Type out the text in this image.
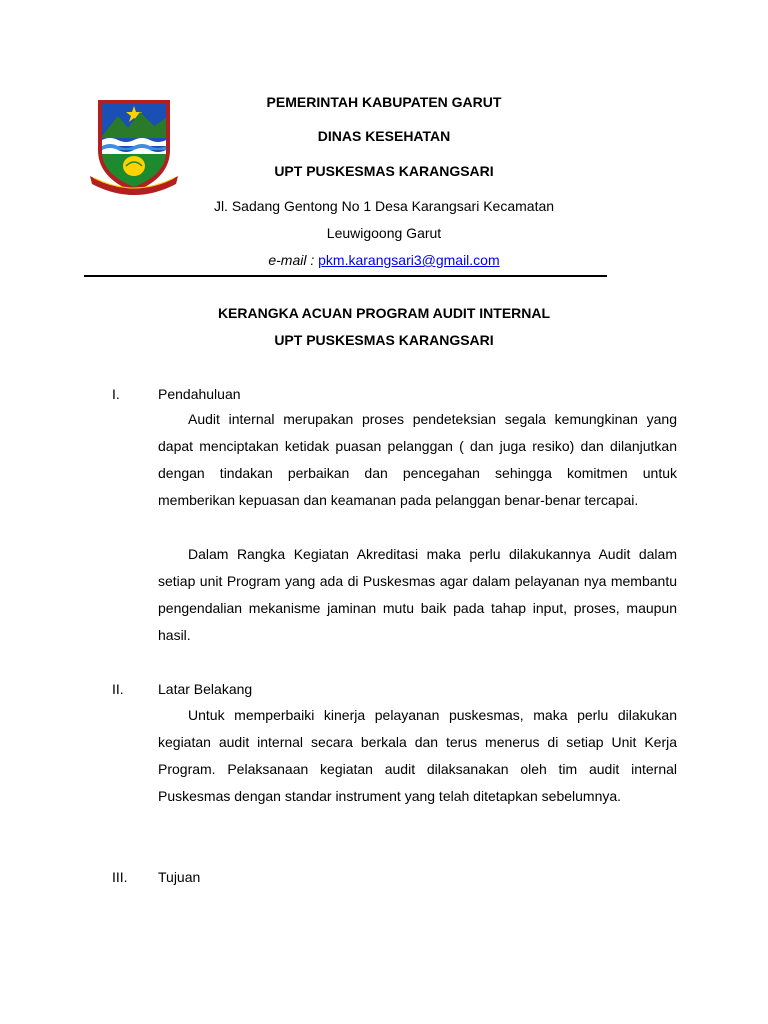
PEMERINTAH KABUPATEN GARUT
DINAS KESEHATAN
UPT PUSKESMAS KARANGSARI
Jl. Sadang Gentong No 1 Desa Karangsari Kecamatan
Leuwigoong Garut
e-mail : pkm.karangsari3@gmail.com
KERANGKA ACUAN PROGRAM AUDIT INTERNAL
UPT PUSKESMAS KARANGSARI
I.	Pendahuluan

Audit internal merupakan proses pendeteksian segala kemungkinan yang dapat menciptakan ketidak puasan pelanggan ( dan juga resiko) dan dilanjutkan dengan tindakan perbaikan dan pencegahan sehingga komitmen untuk memberikan kepuasan dan keamanan pada pelanggan benar-benar tercapai.

Dalam Rangka Kegiatan Akreditasi maka perlu dilakukannya Audit dalam setiap unit Program yang ada di Puskesmas agar dalam pelayanan nya membantu pengendalian mekanisme jaminan mutu baik pada tahap input, proses, maupun hasil.

II. Latar Belakang

Untuk memperbaiki kinerja pelayanan puskesmas, maka perlu dilakukan kegiatan audit internal secara berkala dan terus menerus di setiap Unit Kerja Program. Pelaksanaan kegiatan audit dilaksanakan oleh tim audit internal Puskesmas dengan standar instrument yang telah ditetapkan sebelumnya.

III. Tujuan
